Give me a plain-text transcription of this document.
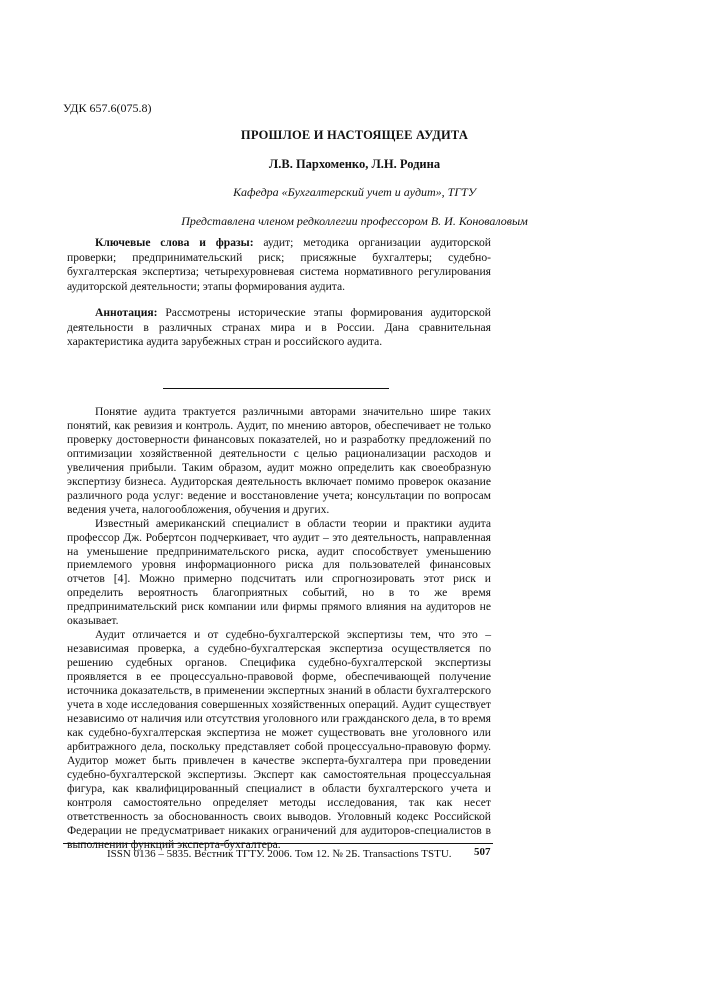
УДК 657.6(075.8)
ПРОШЛОЕ И НАСТОЯЩЕЕ АУДИТА
Л.В. Пархоменко, Л.Н. Родина
Кафедра «Бухгалтерский учет и аудит», ТГТУ
Представлена членом редколлегии профессором В. И. Коноваловым

Ключевые слова и фразы: аудит; методика организации аудиторской проверки; предпринимательский риск; присяжные бухгалтеры; судебно-бухгалтерская экспертиза; четырехуровневая система нормативного регулирования аудиторской деятельности; этапы формирования аудита.

Аннотация: Рассмотрены исторические этапы формирования аудиторской деятельности в различных странах мира и в России. Дана сравнительная характеристика аудита зарубежных стран и российского аудита.

Понятие аудита трактуется различными авторами значительно шире таких понятий, как ревизия и контроль. Аудит, по мнению авторов, обеспечивает не только проверку достоверности финансовых показателей, но и разработку предложений по оптимизации хозяйственной деятельности с целью рационализации расходов и увеличения прибыли. Таким образом, аудит можно определить как своеобразную экспертизу бизнеса. Аудиторская деятельность включает помимо проверок оказание различного рода услуг: ведение и восстановление учета; консультации по вопросам ведения учета, налогообложения, обучения и других.

Известный американский специалист в области теории и практики аудита профессор Дж. Робертсон подчеркивает, что аудит – это деятельность, направленная на уменьшение предпринимательского риска, аудит способствует уменьшению приемлемого уровня информационного риска для пользователей финансовых отчетов [4]. Можно примерно подсчитать или спрогнозировать этот риск и определить вероятность благоприятных событий, но в то же время предпринимательский риск компании или фирмы прямого влияния на аудиторов не оказывает.

Аудит отличается и от судебно-бухгалтерской экспертизы тем, что это – независимая проверка, а судебно-бухгалтерская экспертиза осуществляется по решению судебных органов. Специфика судебно-бухгалтерской экспертизы проявляется в ее процессуально-правовой форме, обеспечивающей получение источника доказательств, в применении экспертных знаний в области бухгалтерского учета в ходе исследования совершенных хозяйственных операций. Аудит существует независимо от наличия или отсутствия уголовного или гражданского дела, в то время как судебно-бухгалтерская экспертиза не может существовать вне уголовного или арбитражного дела, поскольку представляет собой процессуально-правовую форму. Аудитор может быть привлечен в качестве эксперта-бухгалтера при проведении судебно-бухгалтерской экспертизы. Эксперт как самостоятельная процессуальная фигура, как квалифицированный специалист в области бухгалтерского учета и контроля самостоятельно определяет методы исследования, так как несет ответственность за обоснованность своих выводов. Уголовный кодекс Российской Федерации не предусматривает никаких ограничений для аудиторов-специалистов в выполнении функций эксперта-бухгалтера.

ISSN 0136 – 5835. Вестник ТГТУ. 2006. Том 12. № 2Б. Transactions TSTU. 507
